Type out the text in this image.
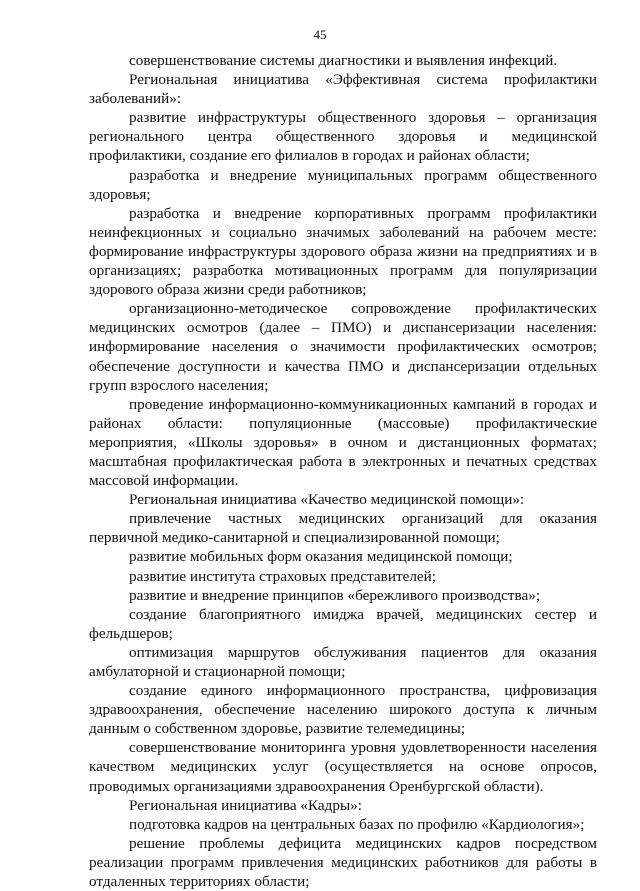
45

совершенствование системы диагностики и выявления инфекций.

Региональная инициатива «Эффективная система профилактики заболеваний»:

развитие инфраструктуры общественного здоровья – организация регионального центра общественного здоровья и медицинской профилактики, создание его филиалов в городах и районах области;

разработка и внедрение муниципальных программ общественного здоровья;

разработка и внедрение корпоративных программ профилактики неинфекционных и социально значимых заболеваний на рабочем месте: формирование инфраструктуры здорового образа жизни на предприятиях и в организациях; разработка мотивационных программ для популяризации здорового образа жизни среди работников;

организационно-методическое сопровождение профилактических медицинских осмотров (далее – ПМО) и диспансеризации населения: информирование населения о значимости профилактических осмотров; обеспечение доступности и качества ПМО и диспансеризации отдельных групп взрослого населения;

проведение информационно-коммуникационных кампаний в городах и районах области: популяционные (массовые) профилактические мероприятия, «Школы здоровья» в очном и дистанционных форматах; масштабная профилактическая работа в электронных и печатных средствах массовой информации.

Региональная инициатива «Качество медицинской помощи»:

привлечение частных медицинских организаций для оказания первичной медико-санитарной и специализированной помощи;

развитие мобильных форм оказания медицинской помощи;

развитие института страховых представителей;

развитие и внедрение принципов «бережливого производства»;

создание благоприятного имиджа врачей, медицинских сестер и фельдшеров;

оптимизация маршрутов обслуживания пациентов для оказания амбулаторной и стационарной помощи;

создание единого информационного пространства, цифровизация здравоохранения, обеспечение населению широкого доступа к личным данным о собственном здоровье, развитие телемедицины;

совершенствование мониторинга уровня удовлетворенности населения качеством медицинских услуг (осуществляется на основе опросов, проводимых организациями здравоохранения Оренбургской области).

Региональная инициатива «Кадры»:

подготовка кадров на центральных базах по профилю «Кардиология»;

решение проблемы дефицита медицинских кадров посредством реализации программ привлечения медицинских работников для работы в отдаленных территориях области;
